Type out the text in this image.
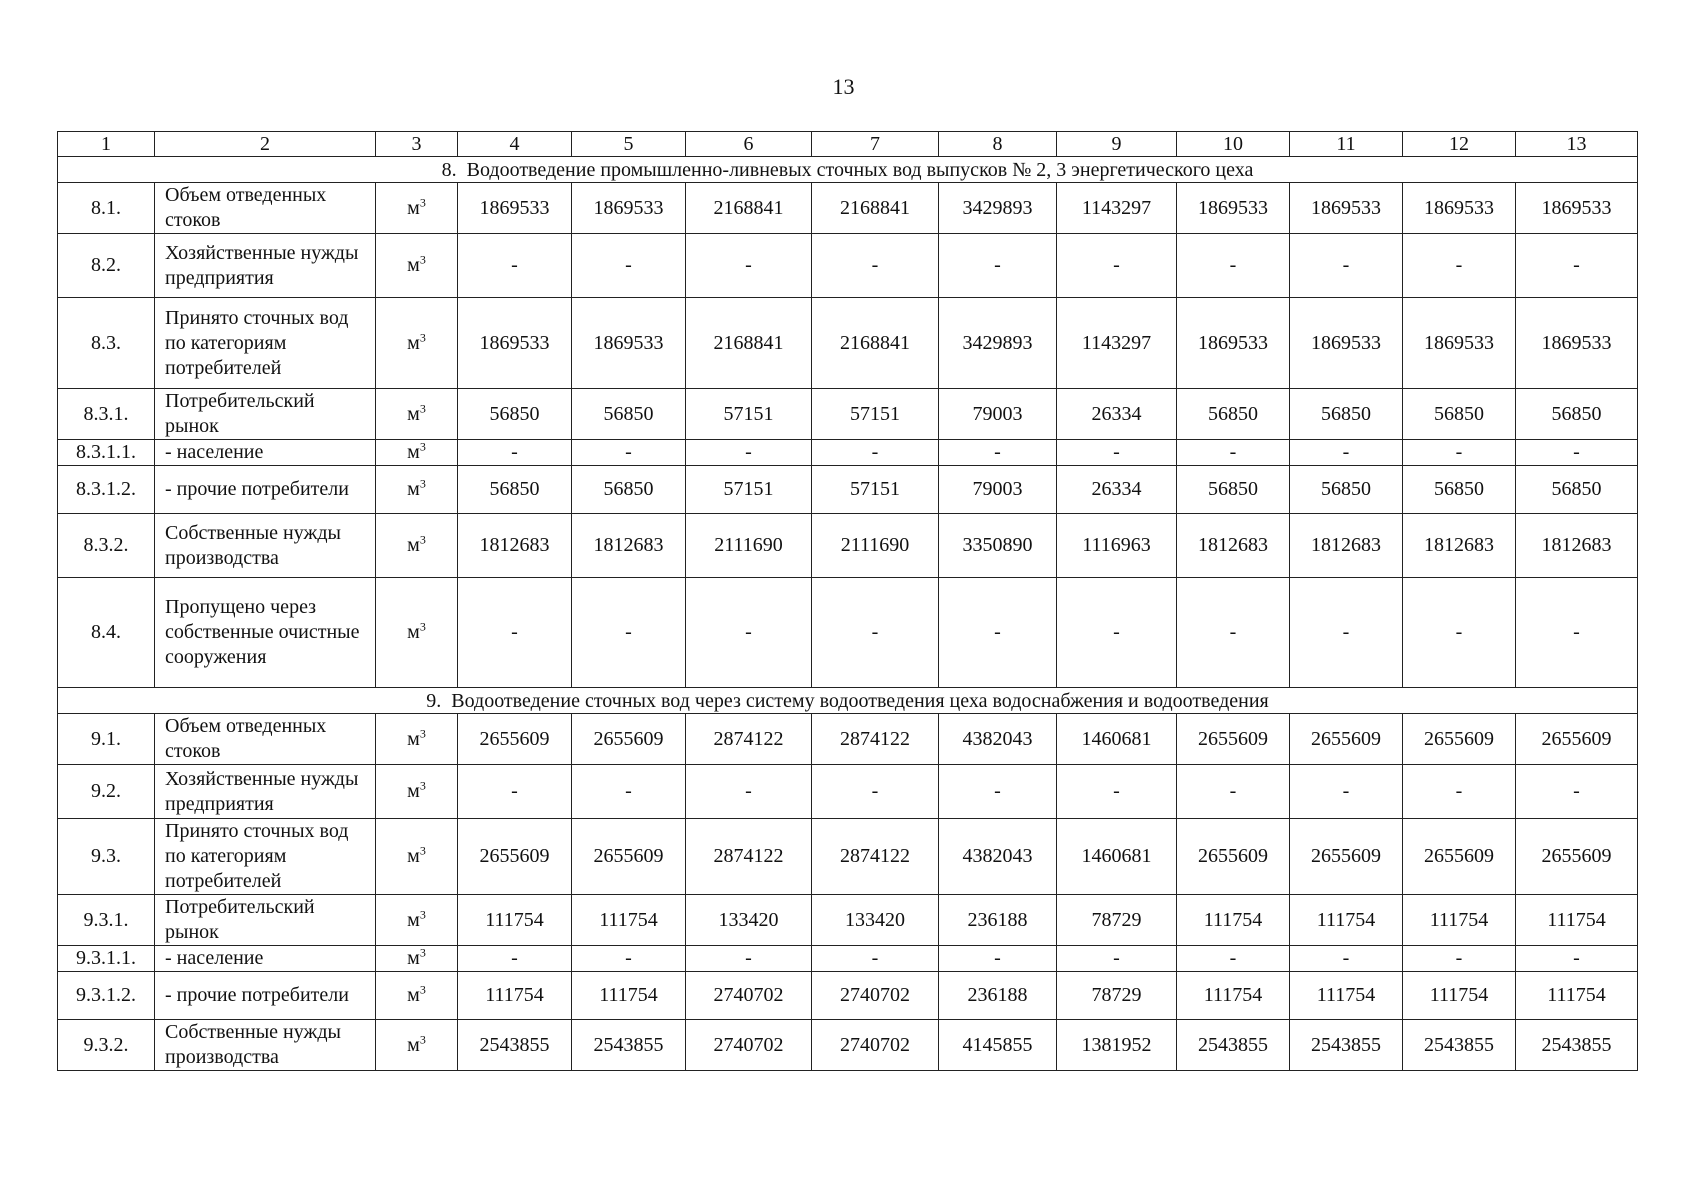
13
1	2	3	4	5	6	7	8	9	10	11	12	13
8. Водоотведение промышленно-ливневых сточных вод выпусков № 2, 3 энергетического цеха												
8.1.	Объем отведенных стоков	$м^3$	1869533	1869533	2168841	2168841	3429893	1143297	1869533	1869533	1869533	1869533
8.2.	Хозяйственные нужды предприятия	$м^3$	-	-	-	-	-	-	-	-	-	-
8.3.	Принято сточных вод по категориям потребителей	$м^3$	1869533	1869533	2168841	2168841	3429893	1143297	1869533	1869533	1869533	1869533
8.3.1.	Потребительский рынок	$м^3$	56850	56850	57151	57151	79003	26334	56850	56850	56850	56850
8.3.1.1.	- население	$м^3$	-	-	-	-	-	-	-	-	-	-
8.3.1.2.	- прочие потребители	$м^3$	56850	56850	57151	57151	79003	26334	56850	56850	56850	56850
8.3.2.	Собственные нужды производства	$м^3$	1812683	1812683	2111690	2111690	3350890	1116963	1812683	1812683	1812683	1812683
8.4.	Пропущено через собственные очистные сооружения	$м^3$	-	-	-	-	-	-	-	-	-	-
9. Водоотведение сточных вод через систему водоотведения цеха водоснабжения и водоотведения												
9.1.	Объем отведенных стоков	$м^3$	2655609	2655609	2874122	2874122	4382043	1460681	2655609	2655609	2655609	2655609
9.2.	Хозяйственные нужды предприятия	$м^3$	-	-	-	-	-	-	-	-	-	-
9.3.	Принято сточных вод по категориям потребителей	$м^3$	2655609	2655609	2874122	2874122	4382043	1460681	2655609	2655609	2655609	2655609
9.3.1.	Потребительский рынок	$м^3$	111754	111754	133420	133420	236188	78729	111754	111754	111754	111754
9.3.1.1.	- население	$м^3$	-	-	-	-	-	-	-	-	-	-
9.3.1.2.	- прочие потребители	$м^3$	111754	111754	2740702	2740702	236188	78729	111754	111754	111754	111754
9.3.2.	Собственные нужды производства	$м^3$	2543855	2543855	2740702	2740702	4145855	1381952	2543855	2543855	2543855	2543855
